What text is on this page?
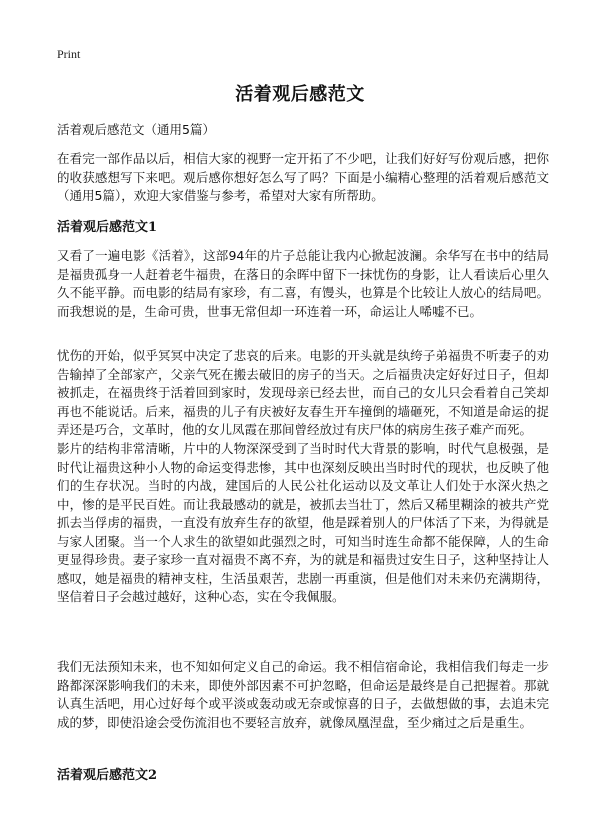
Print
活着观后感范文

活着观后感范文（通用5篇）

在看完一部作品以后，相信大家的视野一定开拓了不少吧，让我们好好写份观后感，把你的收获感想写下来吧。观后感你想好怎么写了吗？下面是小编精心整理的活着观后感范文（通用5篇），欢迎大家借鉴与参考，希望对大家有所帮助。

活着观后感范文1

又看了一遍电影《活着》，这部94年的片子总能让我内心掀起波澜。余华写在书中的结局是福贵孤身一人赶着老牛福贵，在落日的余晖中留下一抹忧伤的身影，让人看读后心里久久不能平静。而电影的结局有家珍，有二喜，有馒头，也算是个比较让人放心的结局吧。而我想说的是，生命可贵，世事无常但却一环连着一环，命运让人唏嘘不已。

忧伤的开始，似乎冥冥中决定了悲哀的后来。电影的开头就是纨绔子弟福贵不听妻子的劝告输掉了全部家产，父亲气死在搬去破旧的房子的当天。之后福贵决定好好过日子，但却被抓走，在福贵终于活着回到家时，发现母亲已经去世，而自己的女儿只会看着自己笑却再也不能说话。后来，福贵的儿子有庆被好友春生开车撞倒的墙砸死，不知道是命运的捉弄还是巧合，文革时，他的女儿凤霞在那间曾经放过有庆尸体的病房生孩子难产而死。

影片的结构非常清晰，片中的人物深深受到了当时时代大背景的影响，时代气息极强，是时代让福贵这种小人物的命运变得悲惨，其中也深刻反映出当时时代的现状，也反映了他们的生存状况。当时的内战，建国后的人民公社化运动以及文革让人们处于水深火热之中，惨的是平民百姓。而让我最感动的就是，被抓去当壮丁，然后又稀里糊涂的被共产党抓去当俘虏的福贵，一直没有放弃生存的欲望，他是踩着别人的尸体活了下来，为得就是与家人团聚。当一个人求生的欲望如此强烈之时，可知当时连生命都不能保障，人的生命更显得珍贵。妻子家珍一直对福贵不离不弃，为的就是和福贵过安生日子，这种坚持让人感叹，她是福贵的精神支柱，生活虽艰苦，悲剧一再重演，但是他们对未来仍充满期待，坚信着日子会越过越好，这种心态，实在令我佩服。

我们无法预知未来，也不知如何定义自己的命运。我不相信宿命论，我相信我们每走一步路都深深影响我们的未来，即使外部因素不可护忽略，但命运是最终是自己把握着。那就认真生活吧，用心过好每个或平淡或轰动或无奈或惊喜的日子，去做想做的事，去追未完成的梦，即使沿途会受伤流泪也不要轻言放弃，就像凤凰涅盘，至少痛过之后是重生。

活着观后感范文2
